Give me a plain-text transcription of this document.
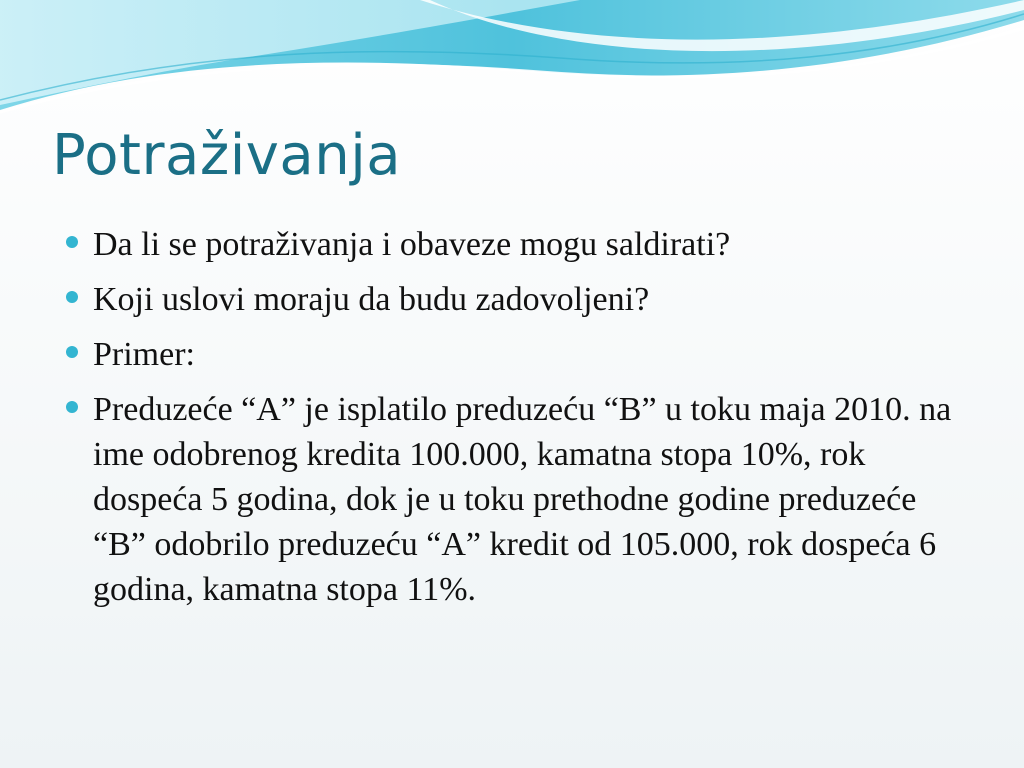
Potraživanja
Da li se potraživanja i obaveze mogu saldirati?
Koji uslovi moraju da budu zadovoljeni?
Primer:
Preduzeće “A” je isplatilo preduzeću “B” u toku maja 2010. na ime odobrenog kredita 100.000, kamatna stopa 10%, rok dospeća 5 godina, dok je u toku prethodne godine preduzeće “B” odobrilo preduzeću “A” kredit od 105.000, rok dospeća 6 godina, kamatna stopa 11%.
